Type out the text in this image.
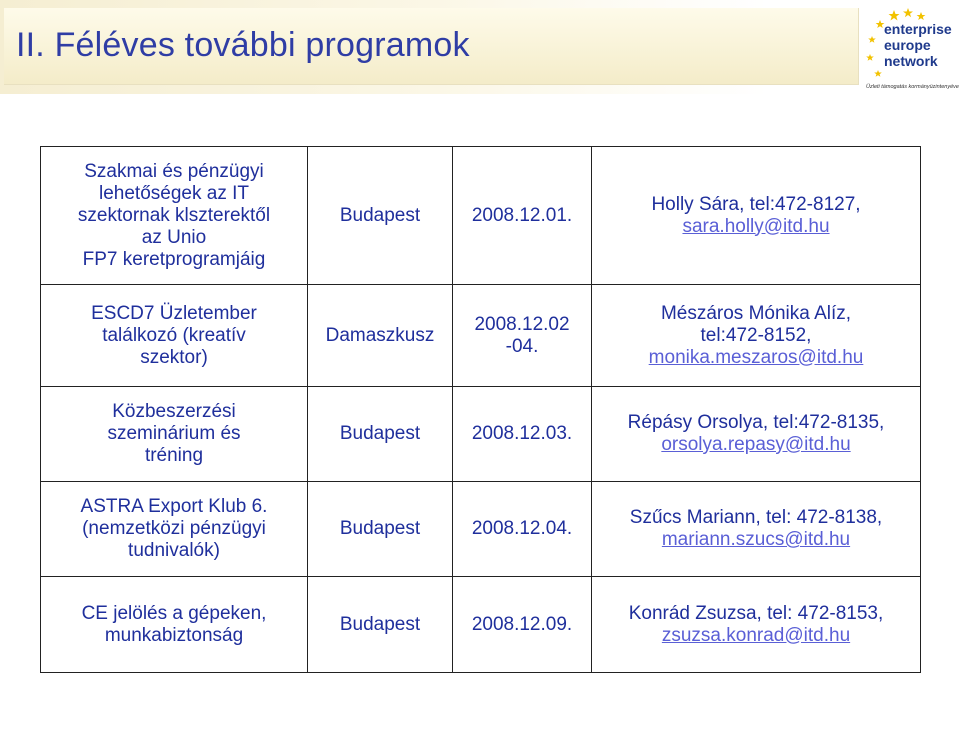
II. Féléves további programok	enterprise
europe
network
Üzleti támogatás kormányüzintenyéve
Szakmai és pénzügyi
lehetőségek az IT
szektornak klszterektől
az Unio
FP7 keretprogramjáig	Budapest	2008.12.01.	Holly Sára, tel:472-8127,
sara.holly@itd.hu

ESCD7 Üzletember
találkozó (kreatív
szektor)	Damaszkusz	2008.12.02
-04.	Mészáros Mónika Alíz,
tel:472-8152,
monika.meszaros@itd.hu

Közbeszerzési
szeminárium és
tréning	Budapest	2008.12.03.	Répásy Orsolya, tel:472-8135,
orsolya.repasy@itd.hu

ASTRA Export Klub 6.
(nemzetközi pénzügyi
tudnivalók)	Budapest	2008.12.04.	Szűcs Mariann, tel: 472-8138,
mariann.szucs@itd.hu

CE jelölés a gépeken,
munkabiztonság	Budapest	2008.12.09.	Konrád Zsuzsa, tel: 472-8153,
zsuzsa.konrad@itd.hu
